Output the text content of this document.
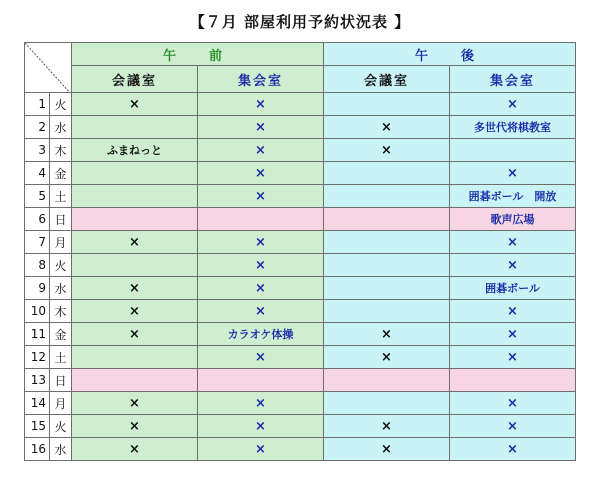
【７月 部屋利用予約状況表 】
	午　前		午　後	
		会議室	集会室	会議室	集会室
1	火	×	×		×
2	水		×	×	多世代将棋教室
3	木	ふまねっと	×	×	
4	金		×		×
5	土		×		囲碁ボール　開放
6	日				歌声広場
7	月	×	×		×
8	火		×		×
9	水	×	×		囲碁ボール
10	木	×	×		×
11	金	×	カラオケ体操	×	×
12	土		×	×	×
13	日				
14	月	×	×		×
15	火	×	×	×	×
16	水	×	×	×	×
